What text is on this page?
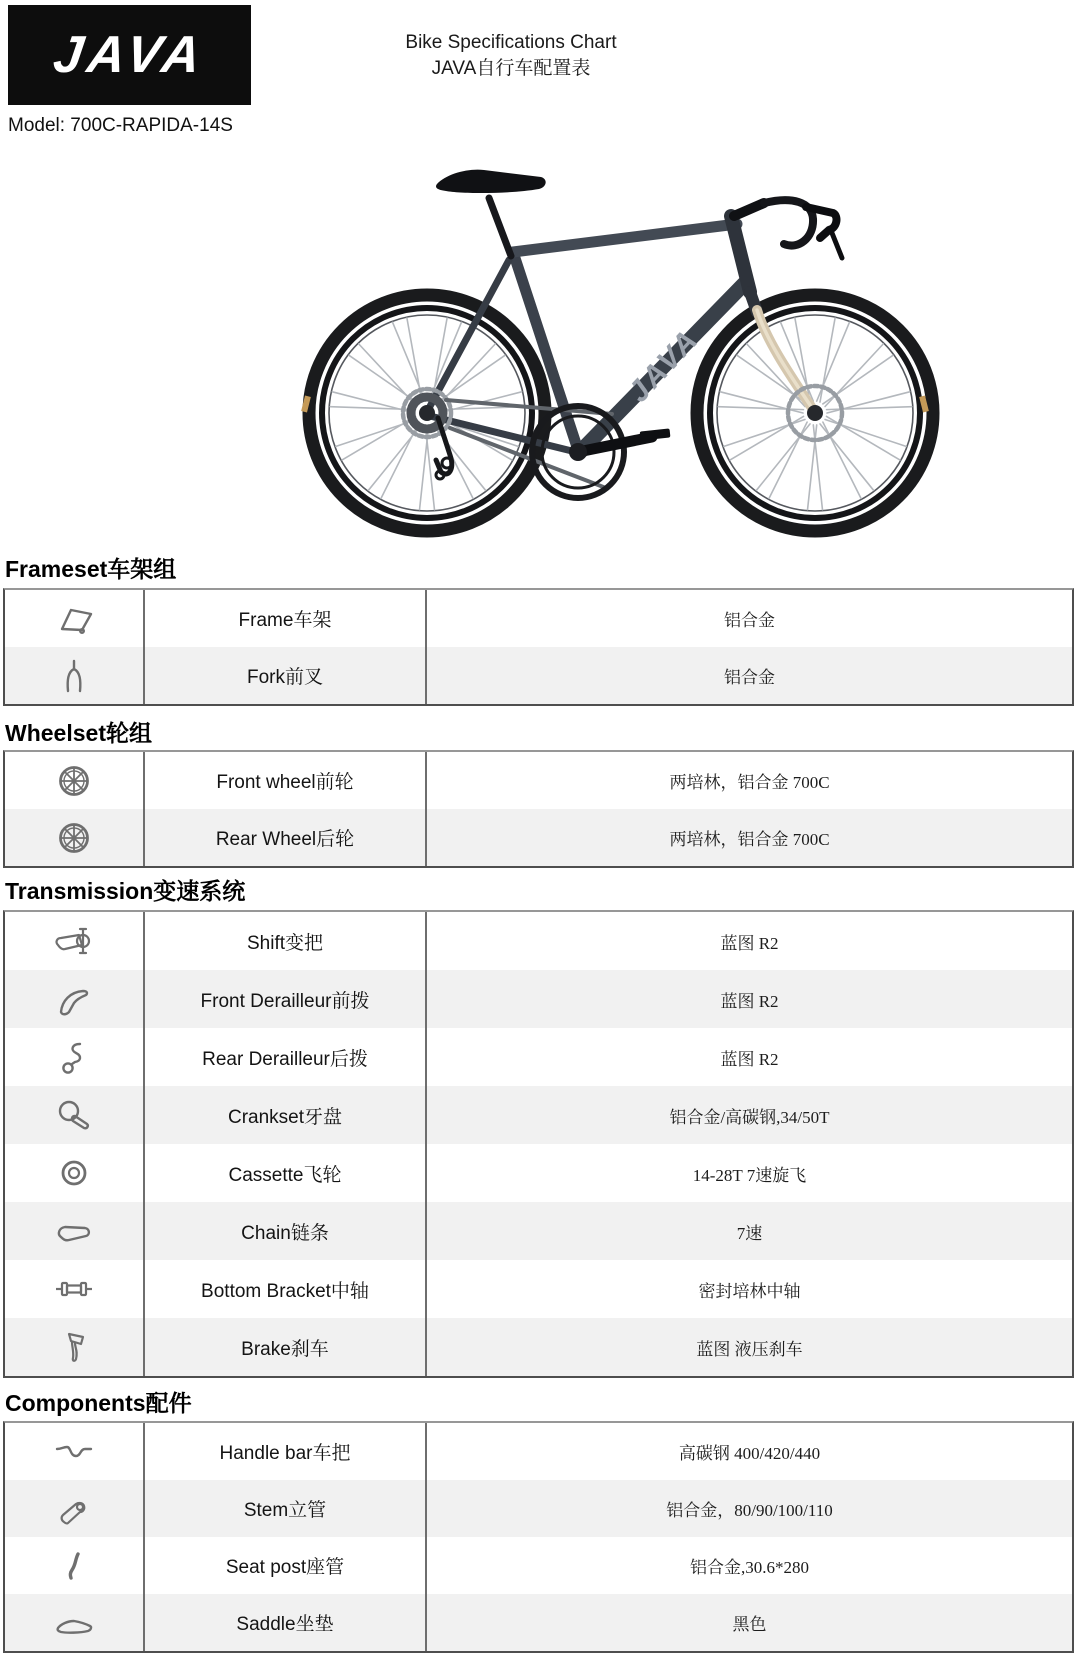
JAVA	Bike Specifications Chart
JAVA自行车配置表
Model: 700C-RAPIDA-14S
JAVA
Frameset车架组
Frame车架	铝合金
Fork前叉	铝合金
Wheelset轮组
Front wheel前轮	两培林，铝合金 700C
Rear Wheel后轮	两培林，铝合金 700C
Transmission变速系统
Shift变把	蓝图 R2
Front Derailleur前拨	蓝图 R2
Rear Derailleur后拨	蓝图 R2
Crankset牙盘	铝合金/高碳钢,34/50T
Cassette飞轮	14-28T 7速旋飞
Chain链条	7速
Bottom Bracket中轴	密封培林中轴
Brake刹车	蓝图 液压刹车
Components配件
Handle bar车把	高碳钢 400/420/440
Stem立管	铝合金，80/90/100/110
Seat post座管	铝合金,30.6*280
Saddle坐垫	黑色
